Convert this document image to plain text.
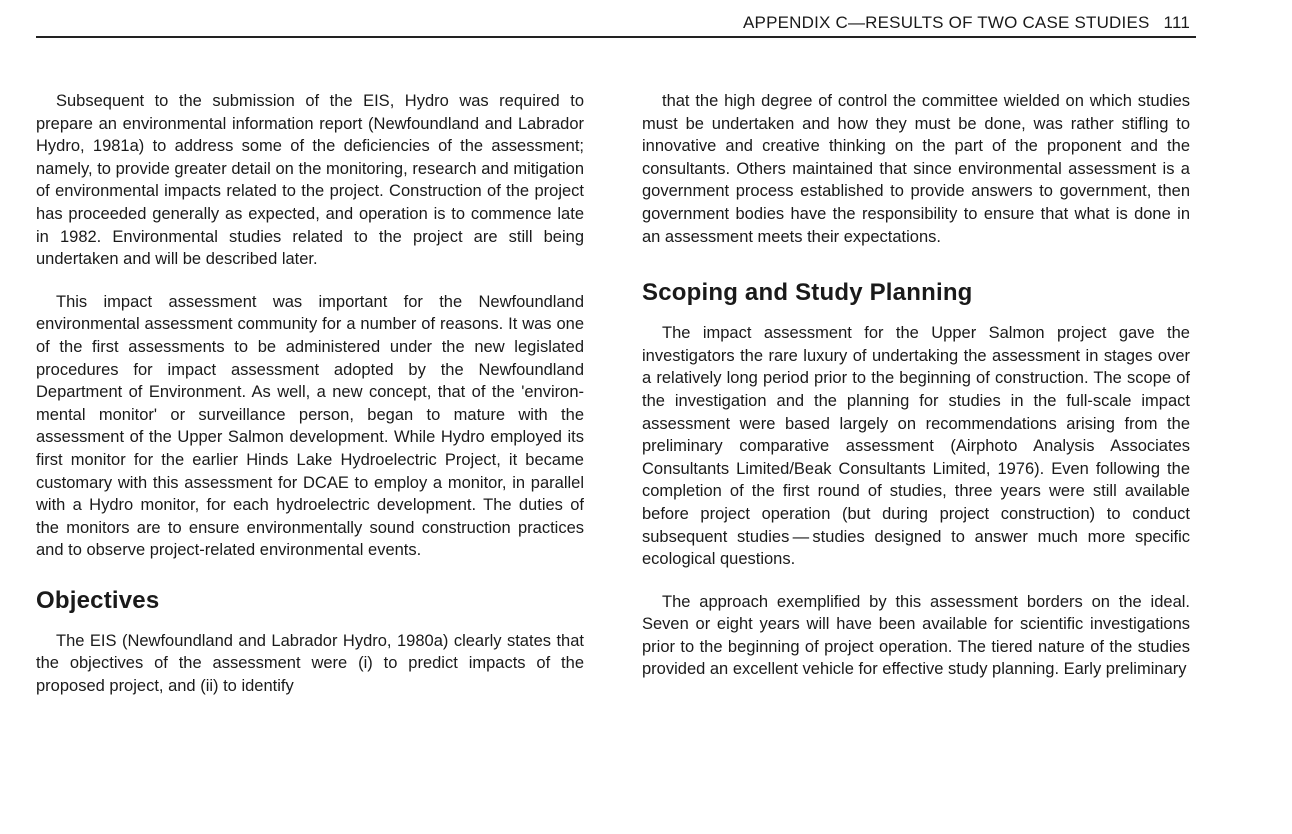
APPENDIX C—RESULTS OF TWO CASE STUDIES 111

Subsequent to the submission of the EIS, Hydro was required to prepare an environmental information report (Newfoundland and Labrador Hydro, 1981a) to address some of the deficiencies of the assessment; namely, to provide greater detail on the monitoring, research and mitigation of environmental impacts related to the project. Construction of the project has proceeded generally as expected, and operation is to commence late in 1982. Environmental studies related to the project are still being undertaken and will be described later.

This impact assessment was important for the Newfoundland environmental assessment community for a number of reasons. It was one of the first assessments to be administered under the new legislated procedures for impact assessment adopted by the Newfoundland Department of Environment. As well, a new concept, that of the 'environmental monitor' or surveillance person, began to mature with the assessment of the Upper Salmon development. While Hydro employed its first monitor for the earlier Hinds Lake Hydroelectric Project, it became customary with this assessment for DCAE to employ a monitor, in parallel with a Hydro monitor, for each hydroelectric development. The duties of the monitors are to ensure environmentally sound construction practices and to observe project-related environmental events.

Objectives

The EIS (Newfoundland and Labrador Hydro, 1980a) clearly states that the objectives of the assessment were (i) to predict impacts of the proposed project, and (ii) to identify

that the high degree of control the committee wielded on which studies must be undertaken and how they must be done, was rather stifling to innovative and creative thinking on the part of the proponent and the consultants. Others maintained that since environmental assessment is a government process established to provide answers to government, then government bodies have the responsibility to ensure that what is done in an assessment meets their expectations.

Scoping and Study Planning

The impact assessment for the Upper Salmon project gave the investigators the rare luxury of undertaking the assessment in stages over a relatively long period prior to the beginning of construction. The scope of the investigation and the planning for studies in the full-scale impact assessment were based largely on recommendations arising from the preliminary comparative assessment (Airphoto Analysis Associates Consultants Limited/Beak Consultants Limited, 1976). Even following the completion of the first round of studies, three years were still available before project operation (but during project construction) to conduct subsequent studies — studies designed to answer much more specific ecological questions.

The approach exemplified by this assessment borders on the ideal. Seven or eight years will have been available for scientific investigations prior to the beginning of project operation. The tiered nature of the studies provided an excellent vehicle for effective study planning. Early preliminary
